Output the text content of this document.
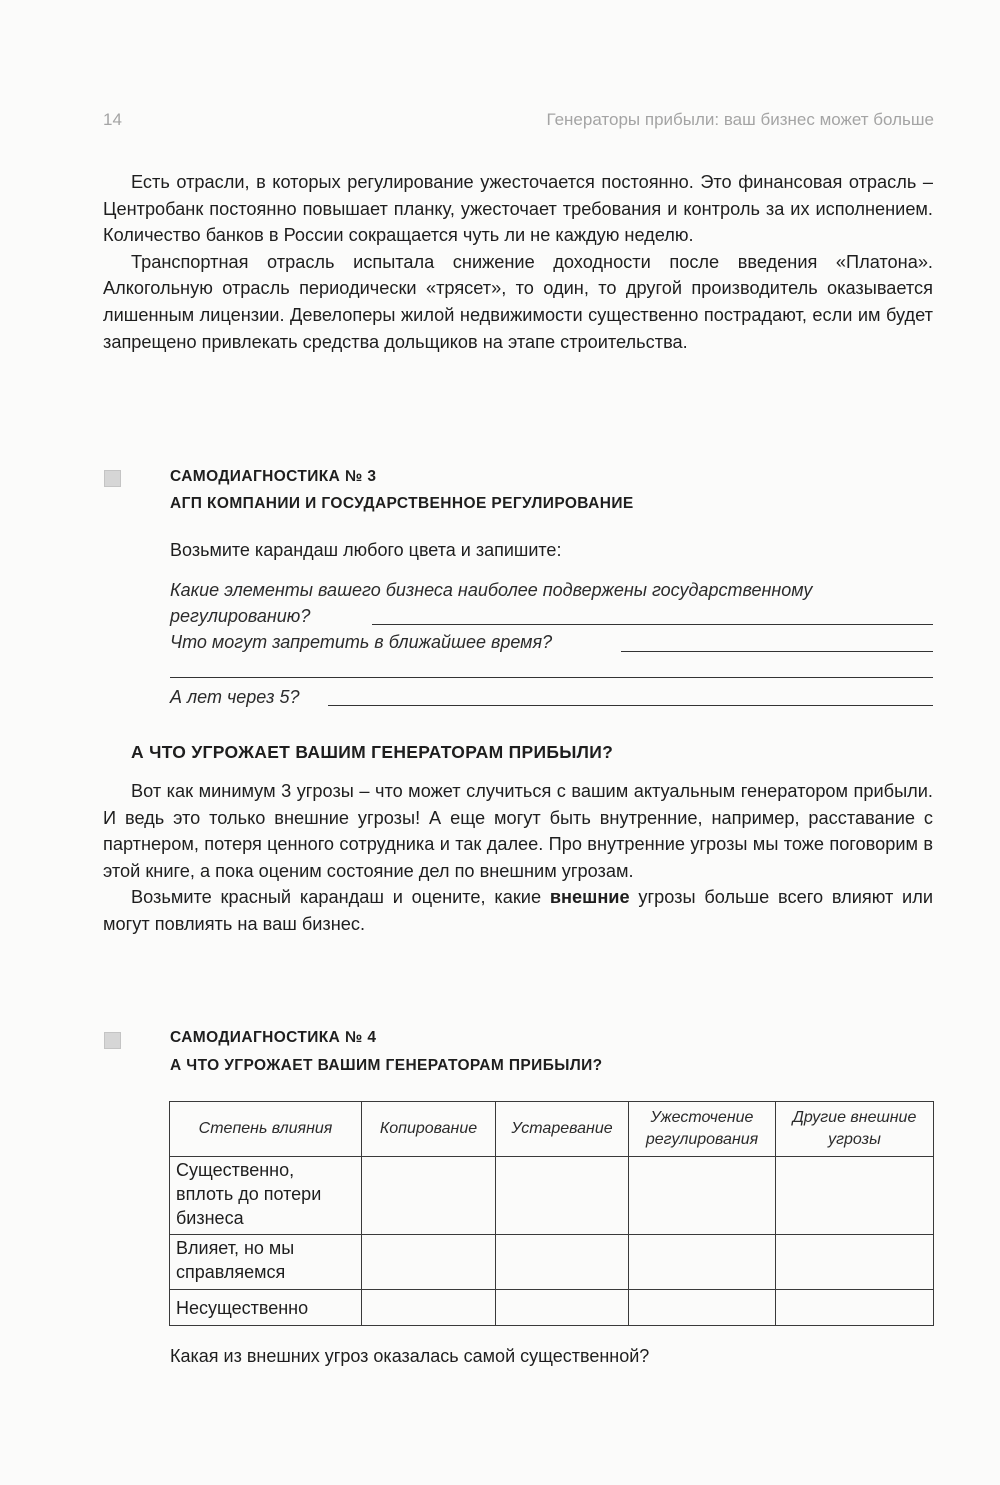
14	Генераторы прибыли: ваш бизнес может больше

Есть отрасли, в которых регулирование ужесточается постоянно. Это финансовая отрасль – Центробанк постоянно повышает планку, ужесточает требования и контроль за их исполнением. Количество банков в России сокращается чуть ли не каждую неделю.

Транспортная отрасль испытала снижение доходности после введения «Платона». Алкогольную отрасль периодически «трясет», то один, то другой производитель оказывается лишенным лицензии. Девелоперы жилой недвижимости существенно пострадают, если им будет запрещено привлекать средства дольщиков на этапе строительства.

САМОДИАГНОСТИКА № 3
АГП КОМПАНИИ И ГОСУДАРСТВЕННОЕ РЕГУЛИРОВАНИЕ
Возьмите карандаш любого цвета и запишите:
Какие элементы вашего бизнеса наиболее подвержены государственному
регулированию?
Что могут запретить в ближайшее время?
А лет через 5?
А ЧТО УГРОЖАЕТ ВАШИМ ГЕНЕРАТОРАМ ПРИБЫЛИ?

Вот как минимум 3 угрозы – что может случиться с вашим актуальным генератором прибыли. И ведь это только внешние угрозы! А еще могут быть внутренние, например, расставание с партнером, потеря ценного сотрудника и так далее. Про внутренние угрозы мы тоже поговорим в этой книге, а пока оценим состояние дел по внешним угрозам.

Возьмите красный карандаш и оцените, какие внешние угрозы больше всего влияют или могут повлиять на ваш бизнес.

САМОДИАГНОСТИКА № 4
А ЧТО УГРОЖАЕТ ВАШИМ ГЕНЕРАТОРАМ ПРИБЫЛИ?
Степень влияния	Копирование	Устаревание	Ужесточение регулирования	Другие внешние угрозы
Существенно, вплоть до потери бизнеса				
Влияет, но мы справляемся				
Несущественно				
Какая из внешних угроз оказалась самой существенной?
